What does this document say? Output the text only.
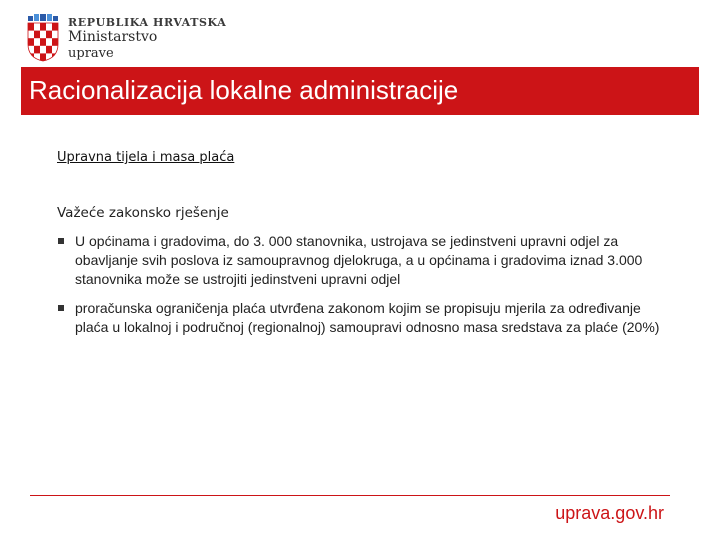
REPUBLIKA HRVATSKA
Ministarstvo
uprave
Racionalizacija lokalne administracije
Upravna tijela i masa plaća
Važeće zakonsko rješenje
U općinama i gradovima, do 3. 000 stanovnika, ustrojava se jedinstveni upravni odjel za obavljanje svih poslova iz samoupravnog djelokruga, a u općinama i gradovima iznad 3.000 stanovnika može se ustrojiti jedinstveni upravni odjel
proračunska ograničenja plaća utvrđena zakonom kojim se propisuju mjerila za određivanje plaća u lokalnoj i područnoj (regionalnoj) samoupravi odnosno masa sredstava za plaće (20%)
uprava.gov.hr
